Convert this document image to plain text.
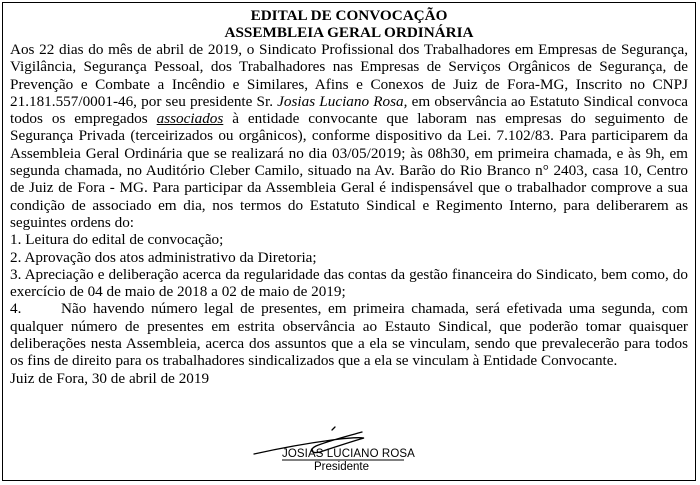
EDITAL DE CONVOCAÇÃO

ASSEMBLEIA GERAL ORDINÁRIA

Aos 22 dias do mês de abril de 2019, o Sindicato Profissional dos Trabalhadores em Empresas de Segurança, Vigilância, Segurança Pessoal, dos Trabalhadores nas Empresas de Serviços Orgânicos de Segurança, de Prevenção e Combate a Incêndio e Similares, Afins e Conexos de Juiz de Fora-MG, Inscrito no CNPJ 21.181.557/0001-46, por seu presidente Sr. Josias Luciano Rosa, em observância ao Estatuto Sindical convoca todos os empregados associados à entidade convocante que laboram nas empresas do seguimento de Segurança Privada (terceirizados ou orgânicos), conforme dispositivo da Lei. 7.102/83. Para participarem da Assembleia Geral Ordinária que se realizará no dia 03/05/2019; às 08h30, em primeira chamada, e às 9h, em segunda chamada, no Auditório Cleber Camilo, situado na Av. Barão do Rio Branco n° 2403, casa 10, Centro de Juiz de Fora - MG. Para participar da Assembleia Geral é indispensável que o trabalhador comprove a sua condição de associado em dia, nos termos do Estatuto Sindical e Regimento Interno, para deliberarem as seguintes ordens do:

1. Leitura do edital de convocação;

2. Aprovação dos atos administrativo da Diretoria;

3. Apreciação e deliberação acerca da regularidade das contas da gestão financeira do Sindicato, bem como, do exercício de 04 de maio de 2018 a 02 de maio de 2019;

4.      Não havendo número legal de presentes, em primeira chamada, será efetivada uma segunda, com qualquer número de presentes em estrita observância ao Estauto Sindical, que poderão tomar quaisquer deliberações nesta Assembleia, acerca dos assuntos que a ela se vinculam, sendo que prevalecerão para todos os fins de direito para os trabalhadores sindicalizados que a ela se vinculam à Entidade Convocante.

Juiz de Fora, 30 de abril de 2019

JOSIAS LUCIANO ROSA
Presidente
